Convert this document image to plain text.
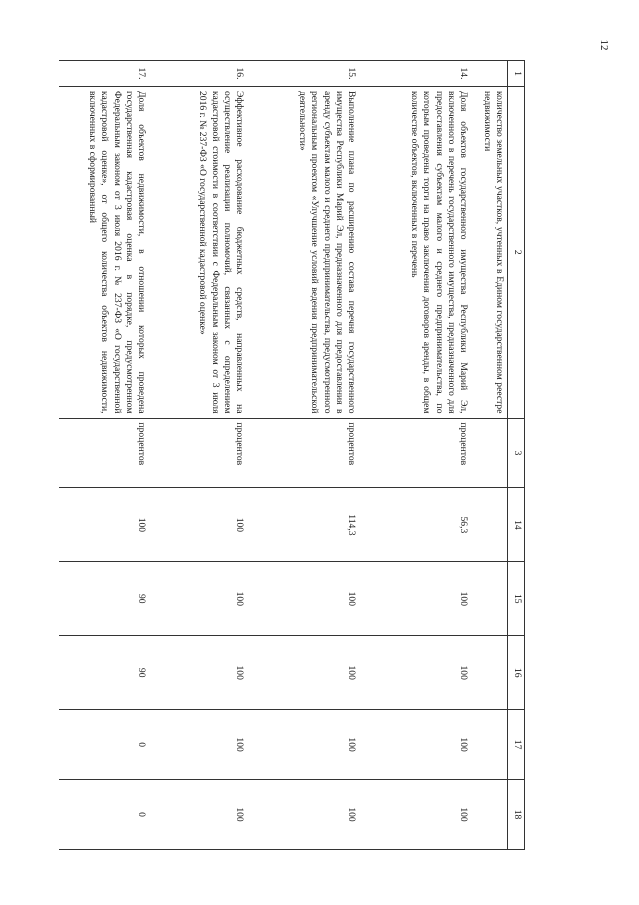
12
1	2	3	14	15	16	17	18
	количество земельных участков, учтенных в Едином государственном реестре недвижимости						
14.	Доля объектов государственного имущества Республики Марий Эл, включенного в перечень государственного имущества, предназначенного для предоставления субъектам малого и среднего предпринимательства, по которым проведены торги на право заключения договоров аренды, в общем количестве объектов, включенных в перечень	процентов	56,3	100	100	100	100
15.	Выполнение плана по расширению состава перечня государственного имущества Республики Марий Эл, предназначенного для предоставления в аренду субъектам малого и среднего предпринимательства, предусмотренного региональным проектом «Улучшение условий ведения предпринимательской деятельности»	процентов	114,3	100	100	100	100
16.	Эффективное расходование бюджетных средств, направленных на осуществление реализации полномочий, связанных с определением кадастровой стоимости в соответствии с Федеральным законом от 3 июля 2016 г. № 237-ФЗ «О государственной кадастровой оценке»	процентов	100	100	100	100	100
17.	Доля объектов недвижимости, в отношении которых проведена государственная кадастровая оценка в порядке, предусмотренном Федеральным законом от 3 июля 2016 г. № 237-ФЗ «О государственной кадастровой оценке», от общего количества объектов недвижимости, включенных в сформированный	процентов	100	90	90	0	0
